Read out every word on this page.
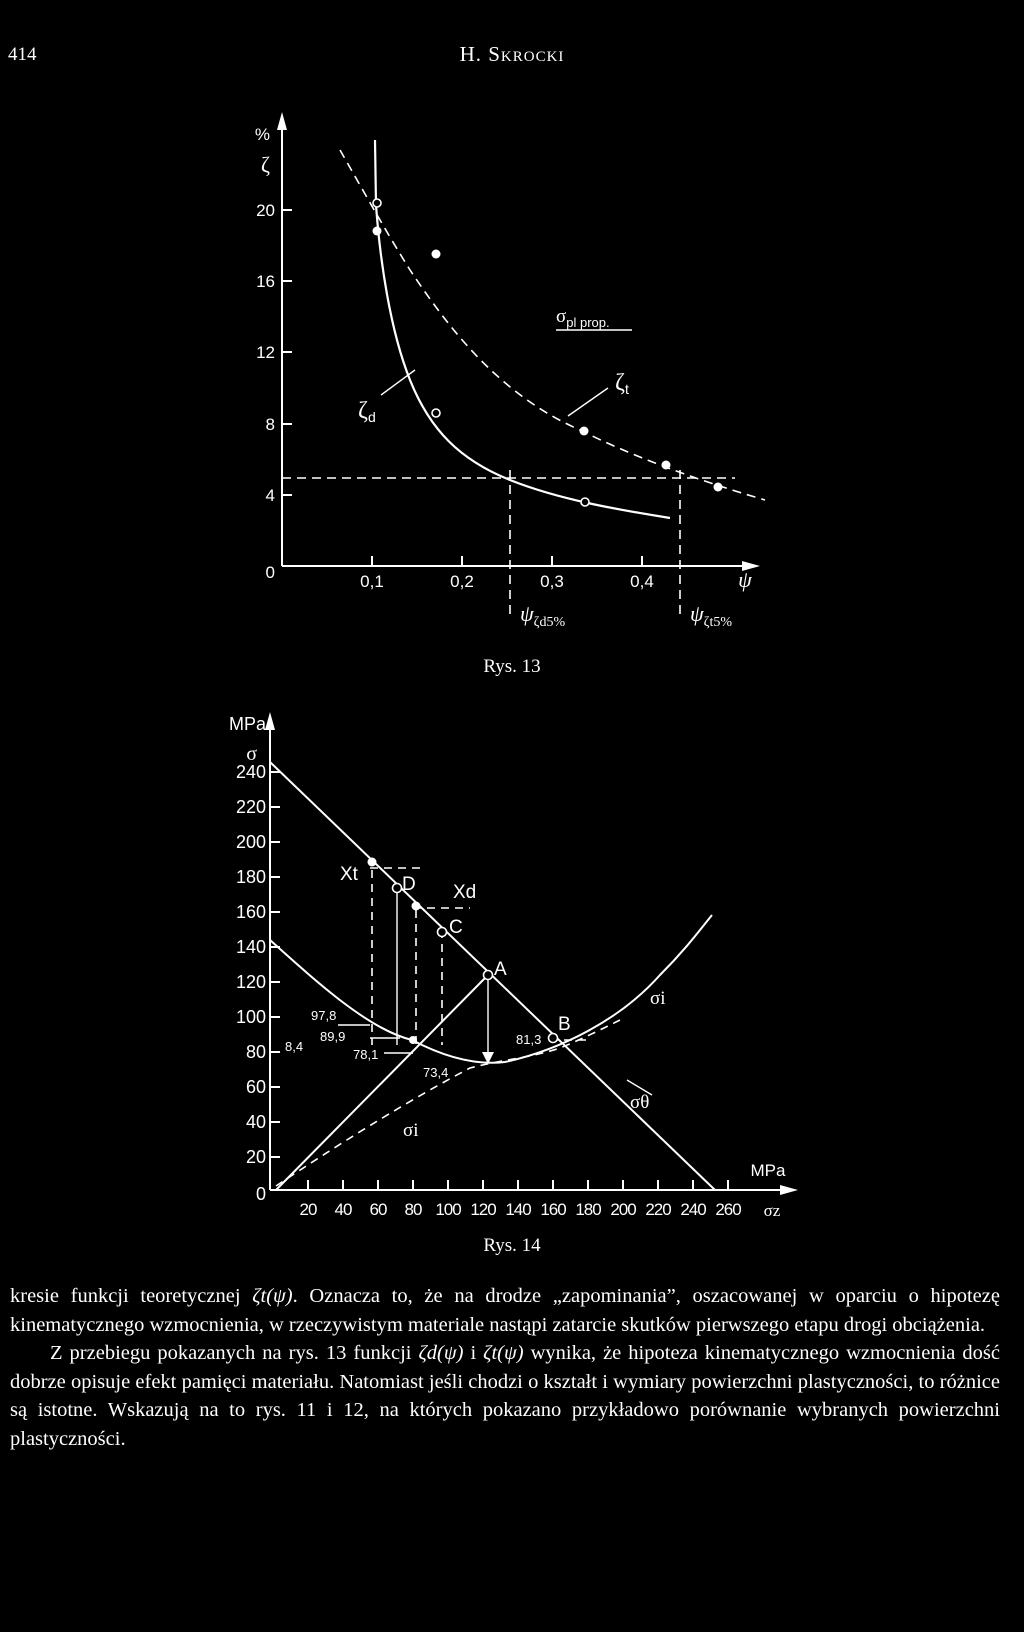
414	H. Skrocki
%
ζ
20
16
12
8
4
0	0,1	0,2	0,3	0,4	ψ
$\sigma_{pl prop.}$
ζd
ζt
$\psi_{\zeta d5\%}$	$\psi_{\zeta t5\%}$
MPa
σ
240
220
200
180
160
140
120
100
80
60
40
20
0
20 40 60 80 100 120 140 160 180 200 220 240 260
MPa
σz
Xt D Xd
C
A
B
97,8
89,9
8,4
78,1
73,4
81,3
σi
σθ
σi
Rys. 13
Rys. 14

kresie funkcji teoretycznej ζt(ψ). Oznacza to, że na drodze „zapominania”, oszacowanej w oparciu o hipotezę kinematycznego wzmocnienia, w rzeczywistym materiale nastąpi zatarcie skutków pierwszego etapu drogi obciążenia.

Z przebiegu pokazanych na rys. 13 funkcji ζd(ψ) i ζt(ψ) wynika, że hipoteza kinematycznego wzmocnienia dość dobrze opisuje efekt pamięci materiału. Natomiast jeśli chodzi o kształt i wymiary powierzchni plastyczności, to różnice są istotne. Wskazują na to rys. 11 i 12, na których pokazano przykładowo porównanie wybranych powierzchni plastyczności.
